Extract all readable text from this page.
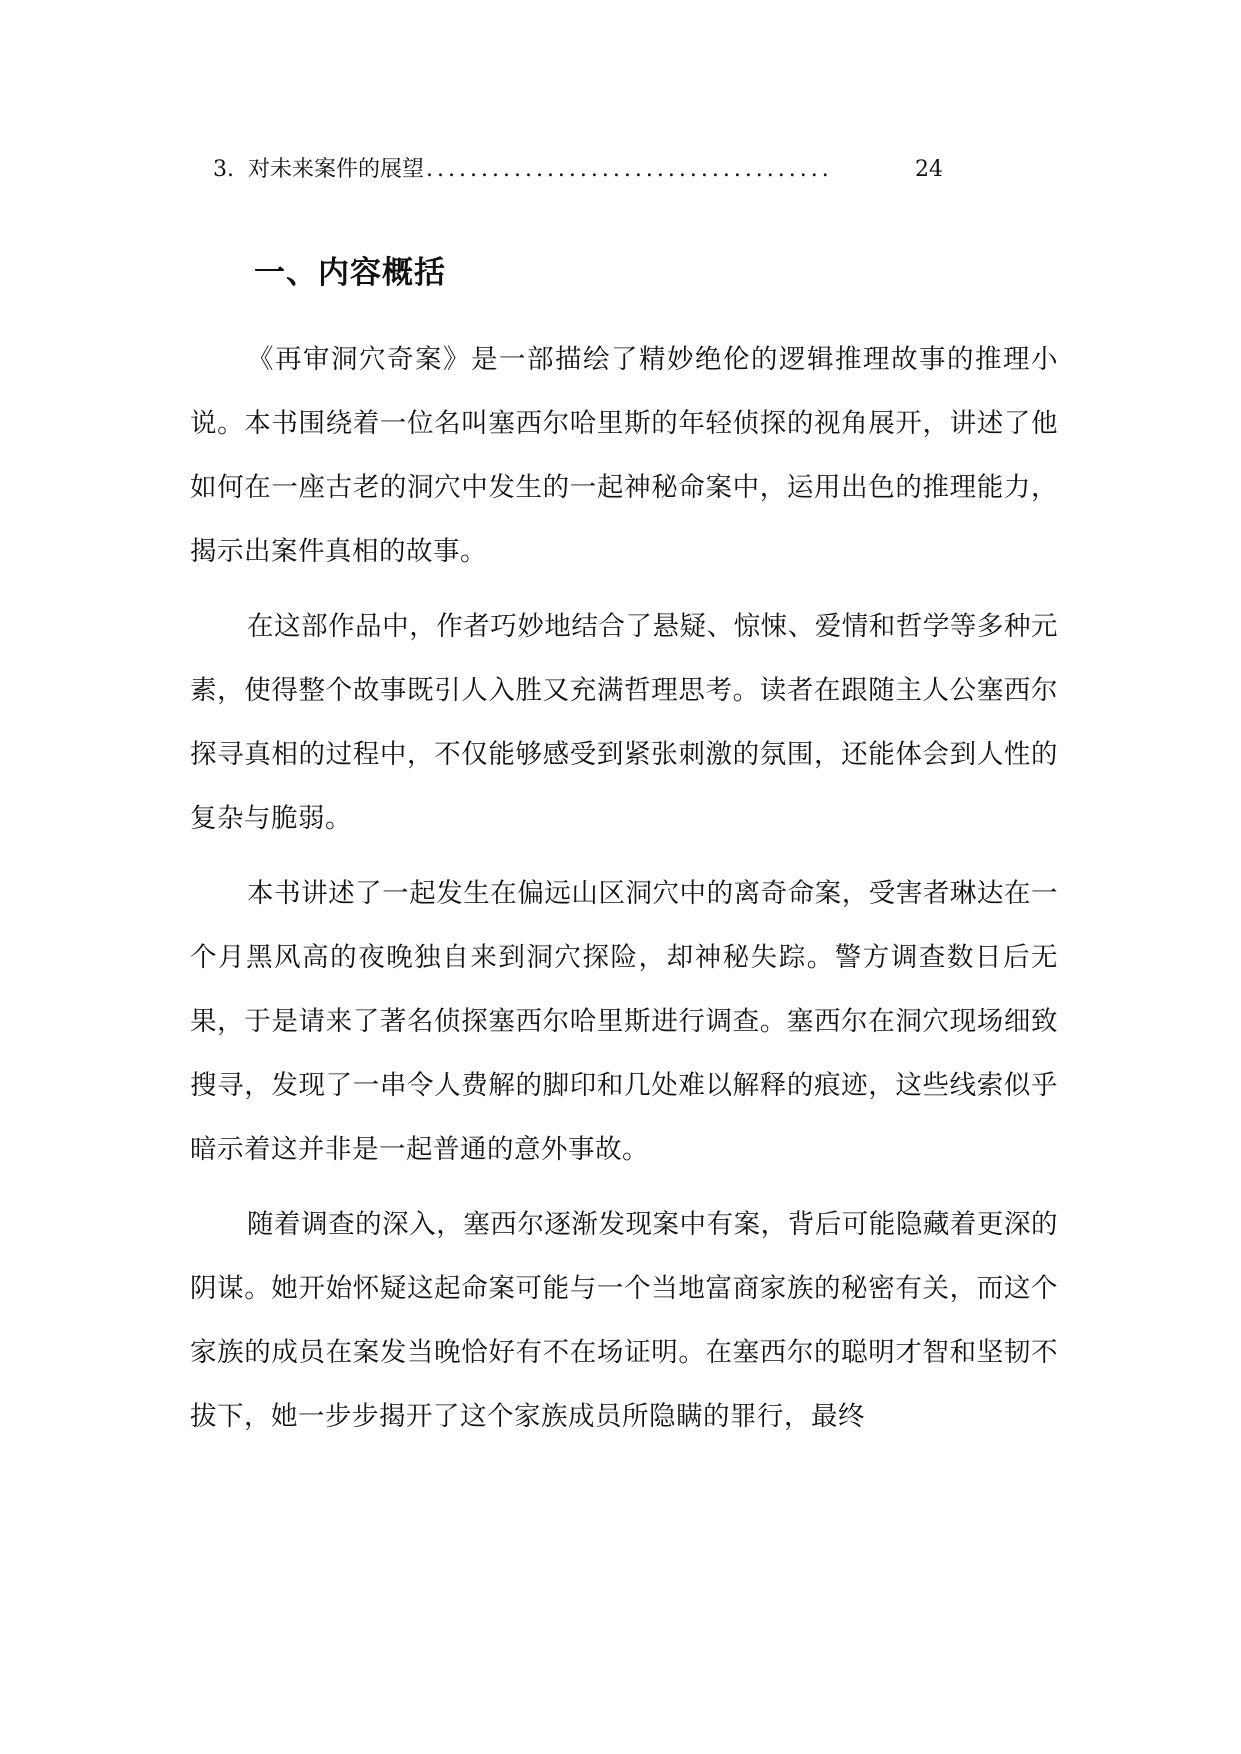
3. 对未来案件的展望 .....................................	24
一、内容概括

《再审洞穴奇案》是一部描绘了精妙绝伦的逻辑推理故事的推理小说。本书围绕着一位名叫塞西尔哈里斯的年轻侦探的视角展开，讲述了他如何在一座古老的洞穴中发生的一起神秘命案中，运用出色的推理能力，揭示出案件真相的故事。

在这部作品中，作者巧妙地结合了悬疑、惊悚、爱情和哲学等多种元素，使得整个故事既引人入胜又充满哲理思考。读者在跟随主人公塞西尔探寻真相的过程中，不仅能够感受到紧张刺激的氛围，还能体会到人性的复杂与脆弱。

本书讲述了一起发生在偏远山区洞穴中的离奇命案，受害者琳达在一个月黑风高的夜晚独自来到洞穴探险，却神秘失踪。警方调查数日后无果，于是请来了著名侦探塞西尔哈里斯进行调查。塞西尔在洞穴现场细致搜寻，发现了一串令人费解的脚印和几处难以解释的痕迹，这些线索似乎暗示着这并非是一起普通的意外事故。

随着调查的深入，塞西尔逐渐发现案中有案，背后可能隐藏着更深的阴谋。她开始怀疑这起命案可能与一个当地富商家族的秘密有关，而这个家族的成员在案发当晚恰好有不在场证明。在塞西尔的聪明才智和坚韧不拔下，她一步步揭开了这个家族成员所隐瞒的罪行，最终
